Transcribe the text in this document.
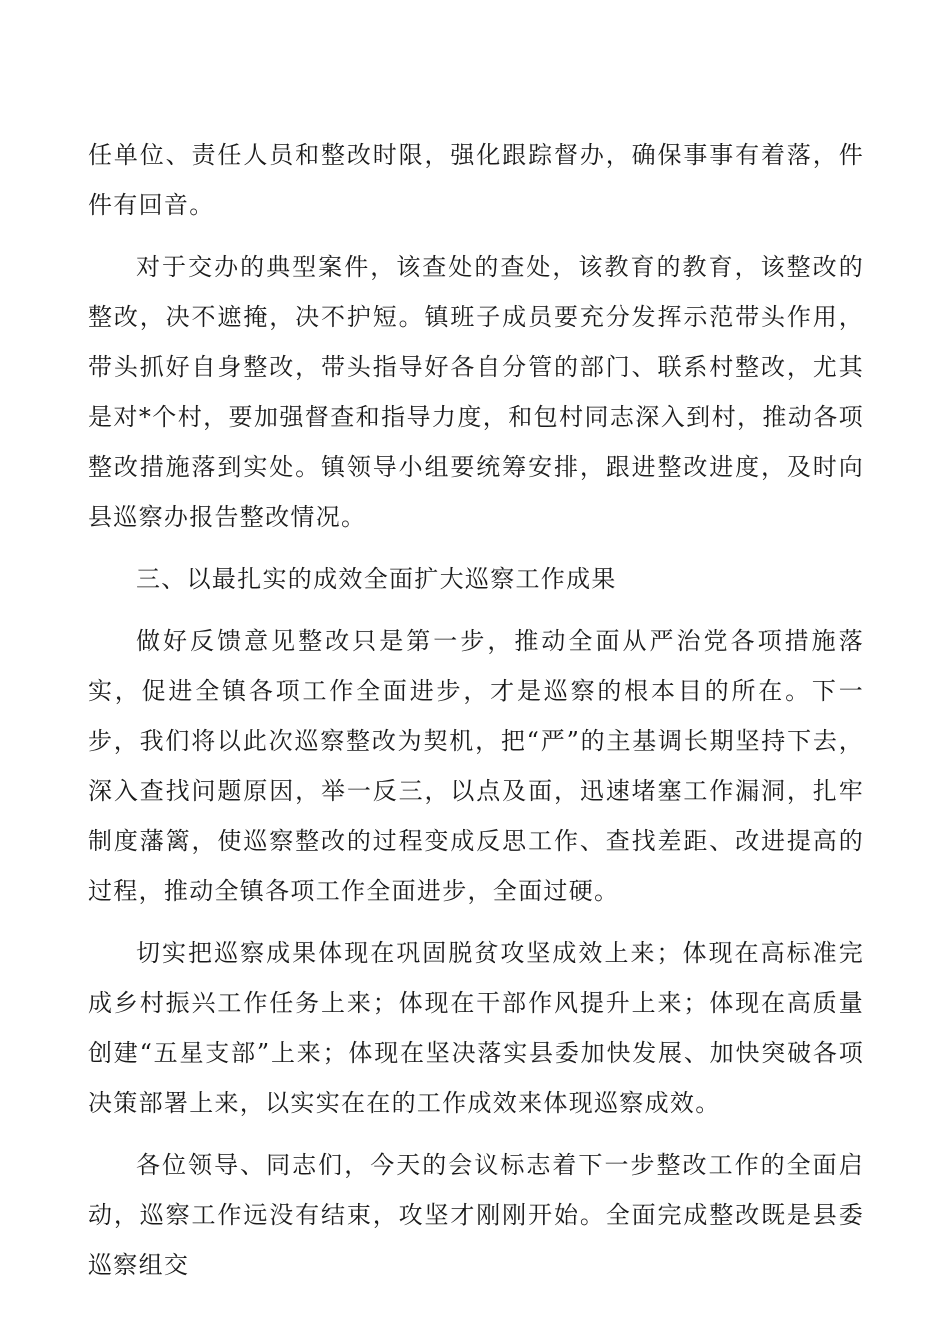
任单位、责任人员和整改时限，强化跟踪督办，确保事事有着落，件件有回音。

对于交办的典型案件，该查处的查处，该教育的教育，该整改的整改，决不遮掩，决不护短。镇班子成员要充分发挥示范带头作用，带头抓好自身整改，带头指导好各自分管的部门、联系村整改，尤其是对*个村，要加强督查和指导力度，和包村同志深入到村，推动各项整改措施落到实处。镇领导小组要统筹安排，跟进整改进度，及时向县巡察办报告整改情况。

三、以最扎实的成效全面扩大巡察工作成果

做好反馈意见整改只是第一步，推动全面从严治党各项措施落实，促进全镇各项工作全面进步，才是巡察的根本目的所在。下一步，我们将以此次巡察整改为契机，把“严”的主基调长期坚持下去，深入查找问题原因，举一反三，以点及面，迅速堵塞工作漏洞，扎牢制度藩篱，使巡察整改的过程变成反思工作、查找差距、改进提高的过程，推动全镇各项工作全面进步，全面过硬。

切实把巡察成果体现在巩固脱贫攻坚成效上来；体现在高标准完成乡村振兴工作任务上来；体现在干部作风提升上来；体现在高质量创建“五星支部”上来；体现在坚决落实县委加快发展、加快突破各项决策部署上来，以实实在在的工作成效来体现巡察成效。

各位领导、同志们，今天的会议标志着下一步整改工作的全面启动，巡察工作远没有结束，攻坚才刚刚开始。全面完成整改既是县委巡察组交
